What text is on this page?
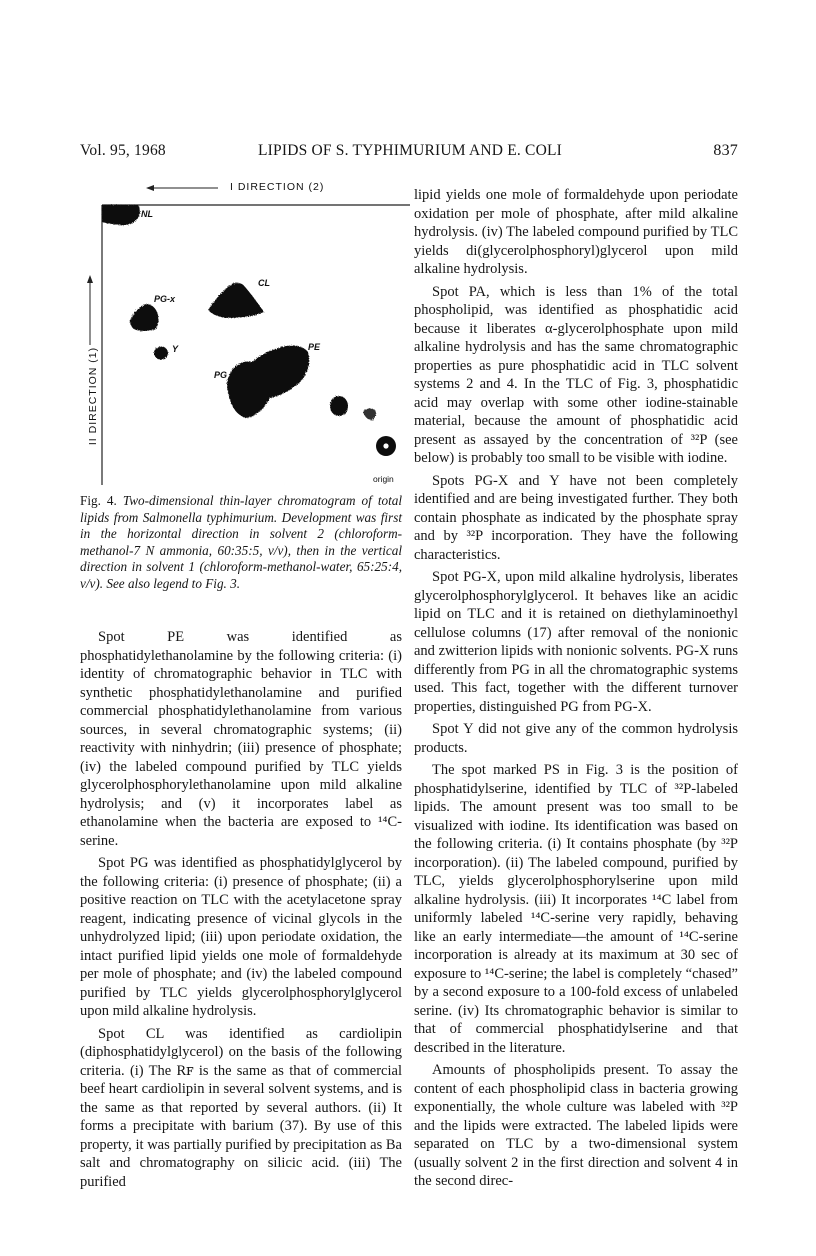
Vol. 95, 1968	LIPIDS OF S. TYPHIMURIUM AND E. COLI	837
I DIRECTION (2)
II DIRECTION (1)
NL
CL
PG-x
Y	PE
PG
origin
Fig. 4. Two-dimensional thin-layer chromatogram of total lipids from Salmonella typhimurium. Development was first in the horizontal direction in solvent 2 (chloroform-methanol-7 N ammonia, 60:35:5, v/v), then in the vertical direction in solvent 1 (chloroform-methanol-water, 65:25:4, v/v). See also legend to Fig. 3.

Spot PE was identified as phosphatidylethanolamine by the following criteria: (i) identity of chromatographic behavior in TLC with synthetic phosphatidylethanolamine and purified commercial phosphatidylethanolamine from various sources, in several chromatographic systems; (ii) reactivity with ninhydrin; (iii) presence of phosphate; (iv) the labeled compound purified by TLC yields glycerolphosphorylethanolamine upon mild alkaline hydrolysis; and (v) it incorporates label as ethanolamine when the bacteria are exposed to ¹⁴C-serine.

Spot PG was identified as phosphatidylglycerol by the following criteria: (i) presence of phosphate; (ii) a positive reaction on TLC with the acetylacetone spray reagent, indicating presence of vicinal glycols in the unhydrolyzed lipid; (iii) upon periodate oxidation, the intact purified lipid yields one mole of formaldehyde per mole of phosphate; and (iv) the labeled compound purified by TLC yields glycerolphosphorylglycerol upon mild alkaline hydrolysis.

Spot CL was identified as cardiolipin (diphosphatidylglycerol) on the basis of the following criteria. (i) The Rꜰ is the same as that of commercial beef heart cardiolipin in several solvent systems, and is the same as that reported by several authors. (ii) It forms a precipitate with barium (37). By use of this property, it was partially purified by precipitation as Ba salt and chromatography on silicic acid. (iii) The purified

lipid yields one mole of formaldehyde upon periodate oxidation per mole of phosphate, after mild alkaline hydrolysis. (iv) The labeled compound purified by TLC yields di(glycerolphosphoryl)glycerol upon mild alkaline hydrolysis.

Spot PA, which is less than 1% of the total phospholipid, was identified as phosphatidic acid because it liberates α-glycerolphosphate upon mild alkaline hydrolysis and has the same chromatographic properties as pure phosphatidic acid in TLC solvent systems 2 and 4. In the TLC of Fig. 3, phosphatidic acid may overlap with some other iodine-stainable material, because the amount of phosphatidic acid present as assayed by the concentration of ³²P (see below) is probably too small to be visible with iodine.

Spots PG-X and Y have not been completely identified and are being investigated further. They both contain phosphate as indicated by the phosphate spray and by ³²P incorporation. They have the following characteristics.

Spot PG-X, upon mild alkaline hydrolysis, liberates glycerolphosphorylglycerol. It behaves like an acidic lipid on TLC and it is retained on diethylaminoethyl cellulose columns (17) after removal of the nonionic and zwitterion lipids with nonionic solvents. PG-X runs differently from PG in all the chromatographic systems used. This fact, together with the different turnover properties, distinguished PG from PG-X.

Spot Y did not give any of the common hydrolysis products.

The spot marked PS in Fig. 3 is the position of phosphatidylserine, identified by TLC of ³²P-labeled lipids. The amount present was too small to be visualized with iodine. Its identification was based on the following criteria. (i) It contains phosphate (by ³²P incorporation). (ii) The labeled compound, purified by TLC, yields glycerolphosphorylserine upon mild alkaline hydrolysis. (iii) It incorporates ¹⁴C label from uniformly labeled ¹⁴C-serine very rapidly, behaving like an early intermediate—the amount of ¹⁴C-serine incorporation is already at its maximum at 30 sec of exposure to ¹⁴C-serine; the label is completely “chased” by a second exposure to a 100-fold excess of unlabeled serine. (iv) Its chromatographic behavior is similar to that of commercial phosphatidylserine and that described in the literature.

Amounts of phospholipids present. To assay the content of each phospholipid class in bacteria growing exponentially, the whole culture was labeled with ³²P and the lipids were extracted. The labeled lipids were separated on TLC by a two-dimensional system (usually solvent 2 in the first direction and solvent 4 in the second direc-
